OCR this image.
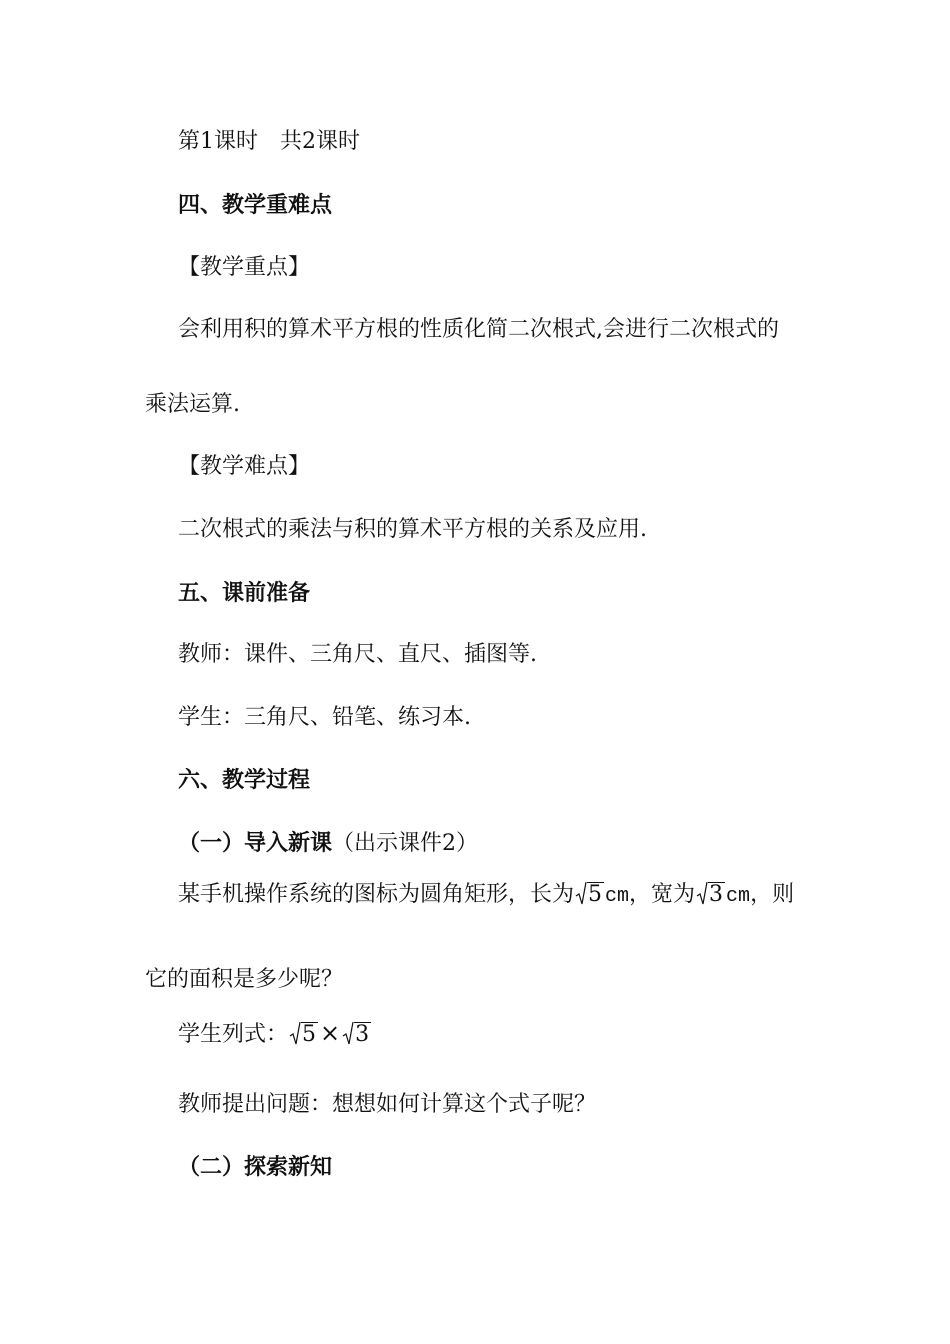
第1课时　共2课时
四、教学重难点
【教学重点】
会利用积的算术平方根的性质化简二次根式,会进行二次根式的
乘法运算.
【教学难点】
二次根式的乘法与积的算术平方根的关系及应用.
五、课前准备
教师：课件、三角尺、直尺、插图等.
学生：三角尺、铅笔、练习本.
六、教学过程
（一）导入新课（出示课件2）
某手机操作系统的图标为圆角矩形，长为 5 cm，宽为 3 cm，则
它的面积是多少呢？
学生列式： 5 × 3
教师提出问题：想想如何计算这个式子呢？
（二）探索新知
